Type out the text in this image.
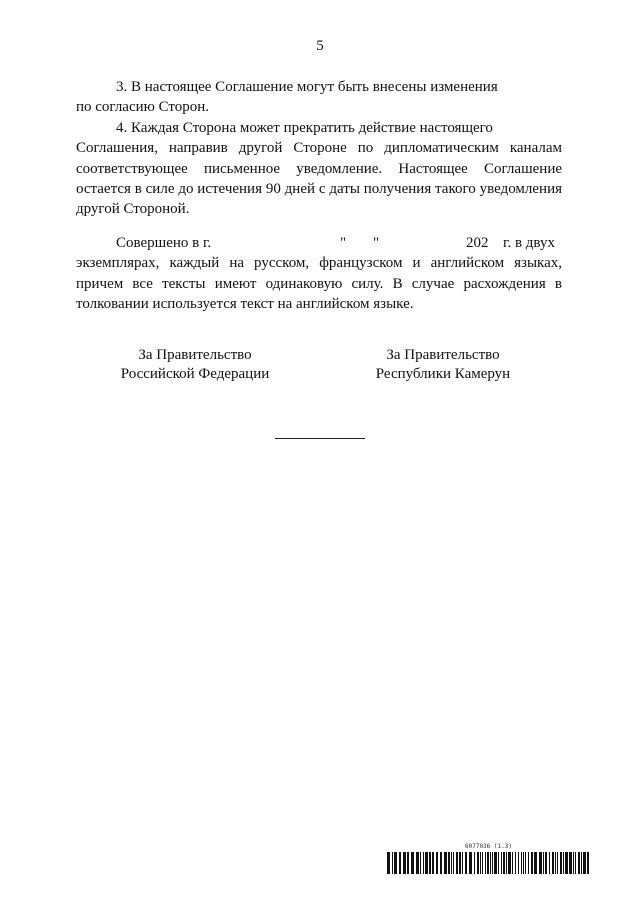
5

3. В настоящее Соглашение могут быть внесены изменения
по согласию Сторон.

4. Каждая Сторона может прекратить действие настоящего
Соглашения, направив другой Стороне по дипломатическим каналам соответствующее письменное уведомление. Настоящее Соглашение остается в силе до истечения 90 дней с даты получения такого уведомления другой Стороной.

Совершено в г.	" "	202 г. в двух
экземплярах, каждый на русском, французском и английском языках, причем все тексты имеют одинаковую силу. В случае расхождения в толковании используется текст на английском языке.

За Правительство
Российской Федерации
За Правительство
Республики Камерун
6077036 (1.3)
